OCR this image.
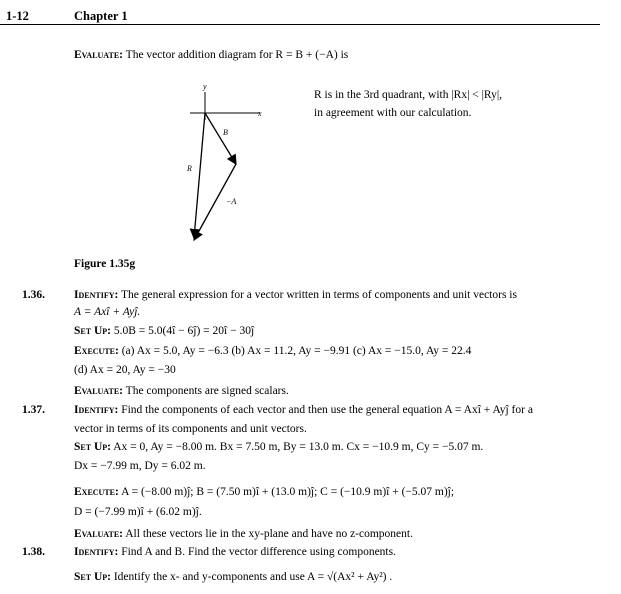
1-12	Chapter 1
Evaluate: The vector addition diagram for R = B + (−A) is
R is in the 3rd quadrant, with |Rx| < |Ry|,
in agreement with our calculation.
y
x
B
R
−A
Figure 1.35g
1.36.	Identify: The general expression for a vector written in terms of components and unit vectors is
A = Axî + Ayĵ.
Set Up: 5.0B = 5.0(4î − 6ĵ) = 20î − 30ĵ
Execute: (a) Ax = 5.0, Ay = −6.3 (b) Ax = 11.2, Ay = −9.91 (c) Ax = −15.0, Ay = 22.4
(d) Ax = 20, Ay = −30
Evaluate: The components are signed scalars.
1.37.	Identify: Find the components of each vector and then use the general equation A = Axî + Ayĵ for a
vector in terms of its components and unit vectors.
Set Up: Ax = 0, Ay = −8.00 m. Bx = 7.50 m, By = 13.0 m. Cx = −10.9 m, Cy = −5.07 m.
Dx = −7.99 m, Dy = 6.02 m.
Execute: A = (−8.00 m)ĵ; B = (7.50 m)î + (13.0 m)ĵ; C = (−10.9 m)î + (−5.07 m)ĵ;
D = (−7.99 m)î + (6.02 m)ĵ.
Evaluate: All these vectors lie in the xy-plane and have no z-component.
1.38.	Identify: Find A and B. Find the vector difference using components.
Set Up: Identify the x- and y-components and use A = √(Ax² + Ay²) .
